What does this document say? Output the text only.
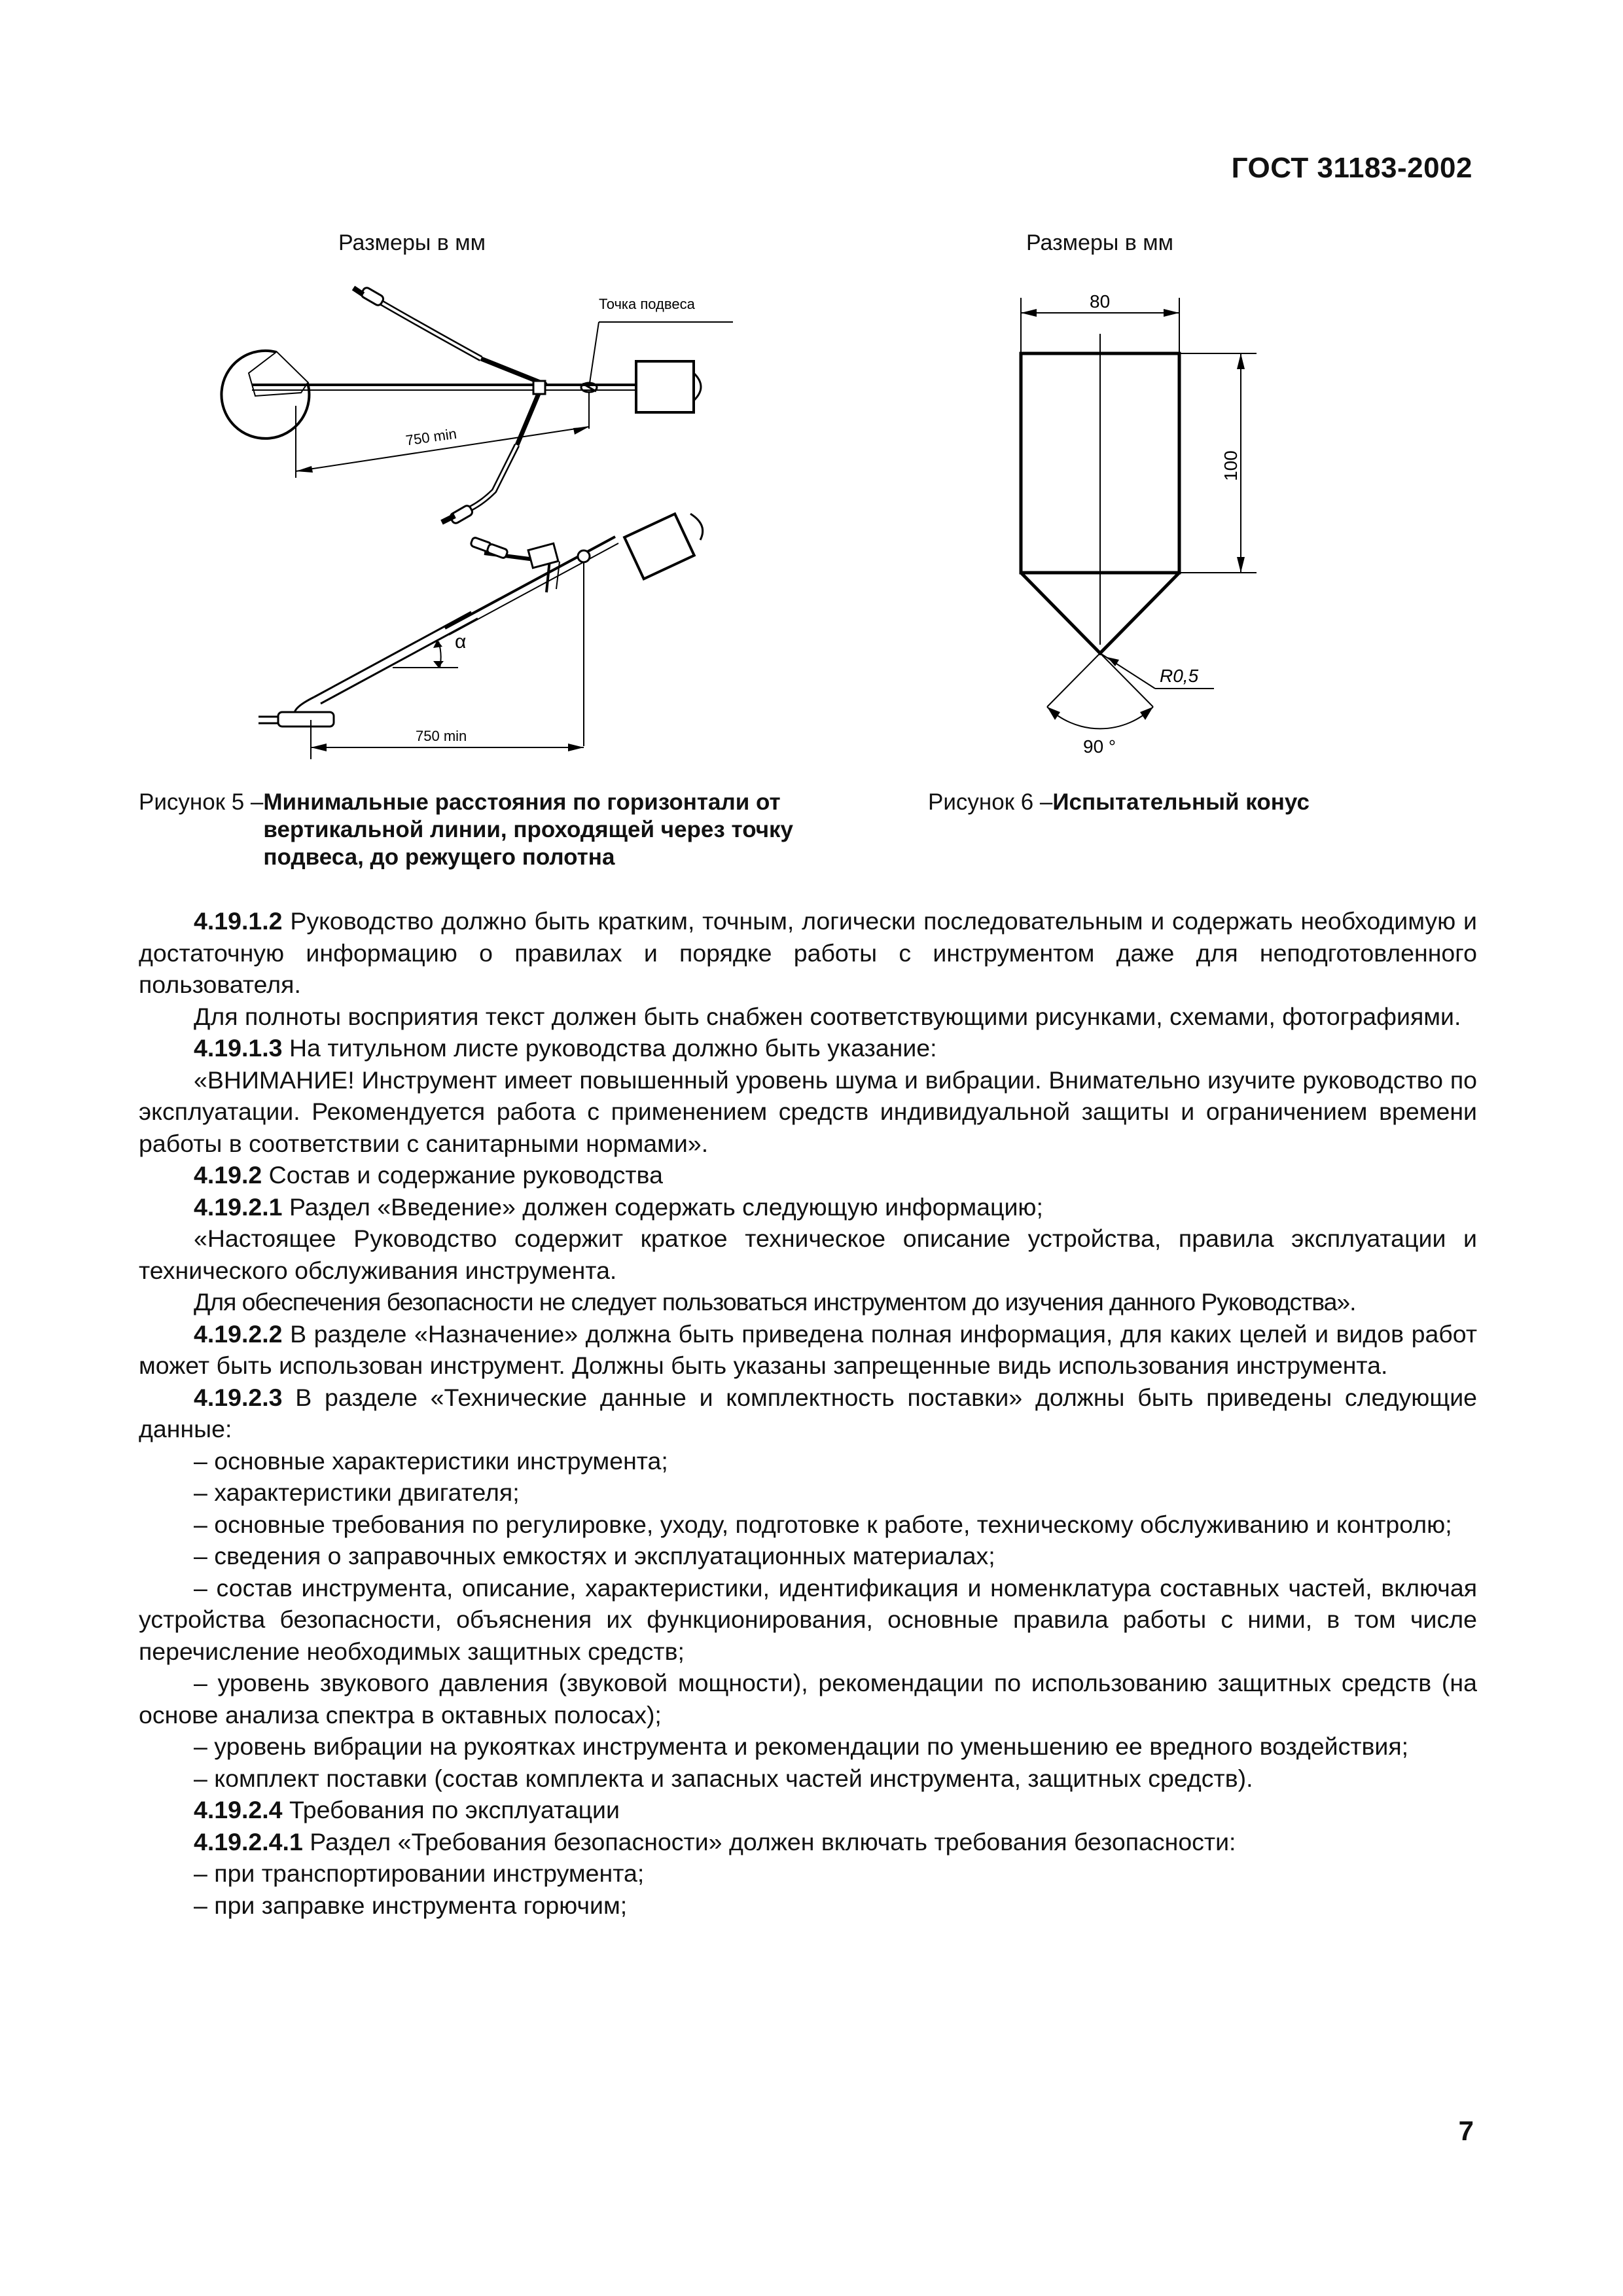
ГОСТ 31183-2002
Размеры в мм
Точка подвеса
750 min
α
750 min
Размеры в мм
80
100
R0,5
90 °
Рисунок 5 –Минимальные расстояния по горизонтали от вертикальной линии, проходящей через точку подвеса, до режущего полотна
Рисунок 6 –Испытательный конус

4.19.1.2 Руководство должно быть кратким, точным, логически последовательным и содержать необходимую и достаточную информацию о правилах и порядке работы с инструментом даже для неподготовленного пользователя.

Для полноты восприятия текст должен быть снабжен соответствующими рисунками, схемами, фотографиями.

4.19.1.3 На титульном листе руководства должно быть указание:

«ВНИМАНИЕ! Инструмент имеет повышенный уровень шума и вибрации. Внимательно изучите руководство по эксплуатации. Рекомендуется работа с применением средств индивидуальной защиты и ограничением времени работы в соответствии с санитарными нормами».

4.19.2 Состав и содержание руководства

4.19.2.1 Раздел «Введение» должен содержать следующую информацию;

«Настоящее Руководство содержит краткое техническое описание устройства, правила эксплуатации и технического обслуживания инструмента.

Для обеспечения безопасности не следует пользоваться инструментом до изучения данного Руководства».

4.19.2.2 В разделе «Назначение» должна быть приведена полная информация, для каких целей и видов работ может быть использован инструмент. Должны быть указаны запрещенные видь использования инструмента.

4.19.2.3 В разделе «Технические данные и комплектность поставки» должны быть приведены следующие данные:

– основные характеристики инструмента;

– характеристики двигателя;

– основные требования по регулировке, уходу, подготовке к работе, техническому обслуживанию и контролю;

– сведения о заправочных емкостях и эксплуатационных материалах;

– состав инструмента, описание, характеристики, идентификация и номенклатура составных частей, включая устройства безопасности, объяснения их функционирования, основные правила работы с ними, в том числе перечисление необходимых защитных средств;

– уровень звукового давления (звуковой мощности), рекомендации по использованию защитных средств (на основе анализа спектра в октавных полосах);

– уровень вибрации на рукоятках инструмента и рекомендации по уменьшению ее вредного воздействия;

– комплект поставки (состав комплекта и запасных частей инструмента, защитных средств).

4.19.2.4 Требования по эксплуатации

4.19.2.4.1 Раздел «Требования безопасности» должен включать требования безопасности:

– при транспортировании инструмента;

– при заправке инструмента горючим;

7
